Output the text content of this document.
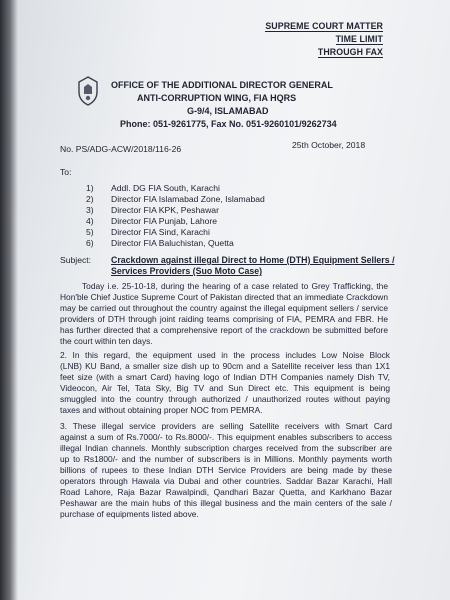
SUPREME COURT MATTER
TIME LIMIT
THROUGH FAX
OFFICE OF THE ADDITIONAL DIRECTOR GENERAL
ANTI-CORRUPTION WING, FIA HQRS
G-9/4, ISLAMABAD
Phone: 051-9261775, Fax No. 051-9260101/9262734
No. PS/ADG-ACW/2018/116-26	25th October, 2018
To:
1) Addl. DG FIA South, Karachi
2) Director FIA Islamabad Zone, Islamabad
3) Director FIA KPK, Peshawar
4) Director FIA Punjab, Lahore
5) Director FIA Sind, Karachi
6) Director FIA Baluchistan, Quetta
Subject: Crackdown against illegal Direct to Home (DTH) Equipment Sellers /
Services Providers (Suo Moto Case)
Today i.e. 25-10-18, during the hearing of a case related to Grey Trafficking, the
Hon'ble Chief Justice Supreme Court of Pakistan directed that an immediate Crackdown
may be carried out throughout the country against the illegal equipment sellers / service
providers of DTH through joint raiding teams comprising of FIA, PEMRA and FBR. He
has further directed that a comprehensive report of the crackdown be submitted before
the court within ten days.
2. In this regard, the equipment used in the process includes Low Noise Block
(LNB) KU Band, a smaller size dish up to 90cm and a Satellite receiver less than 1X1
feet size (with a smart Card) having logo of Indian DTH Companies namely Dish TV,
Videocon, Air Tel, Tata Sky, Big TV and Sun Direct etc. This equipment is being
smuggled into the country through authorized / unauthorized routes without paying
taxes and without obtaining proper NOC from PEMRA.
3. These illegal service providers are selling Satellite receivers with Smart Card
against a sum of Rs.7000/- to Rs.8000/-. This equipment enables subscribers to access
illegal Indian channels. Monthly subscription charges received from the subscriber are
up to Rs1800/- and the number of subscribers is in Millions. Monthly payments worth
billions of rupees to these Indian DTH Service Providers are being made by these
operators through Hawala via Dubai and other countries. Saddar Bazar Karachi, Hall
Road Lahore, Raja Bazar Rawalpindi, Qandhari Bazar Quetta, and Karkhano Bazar
Peshawar are the main hubs of this illegal business and the main centers of the sale /
purchase of equipments listed above.
